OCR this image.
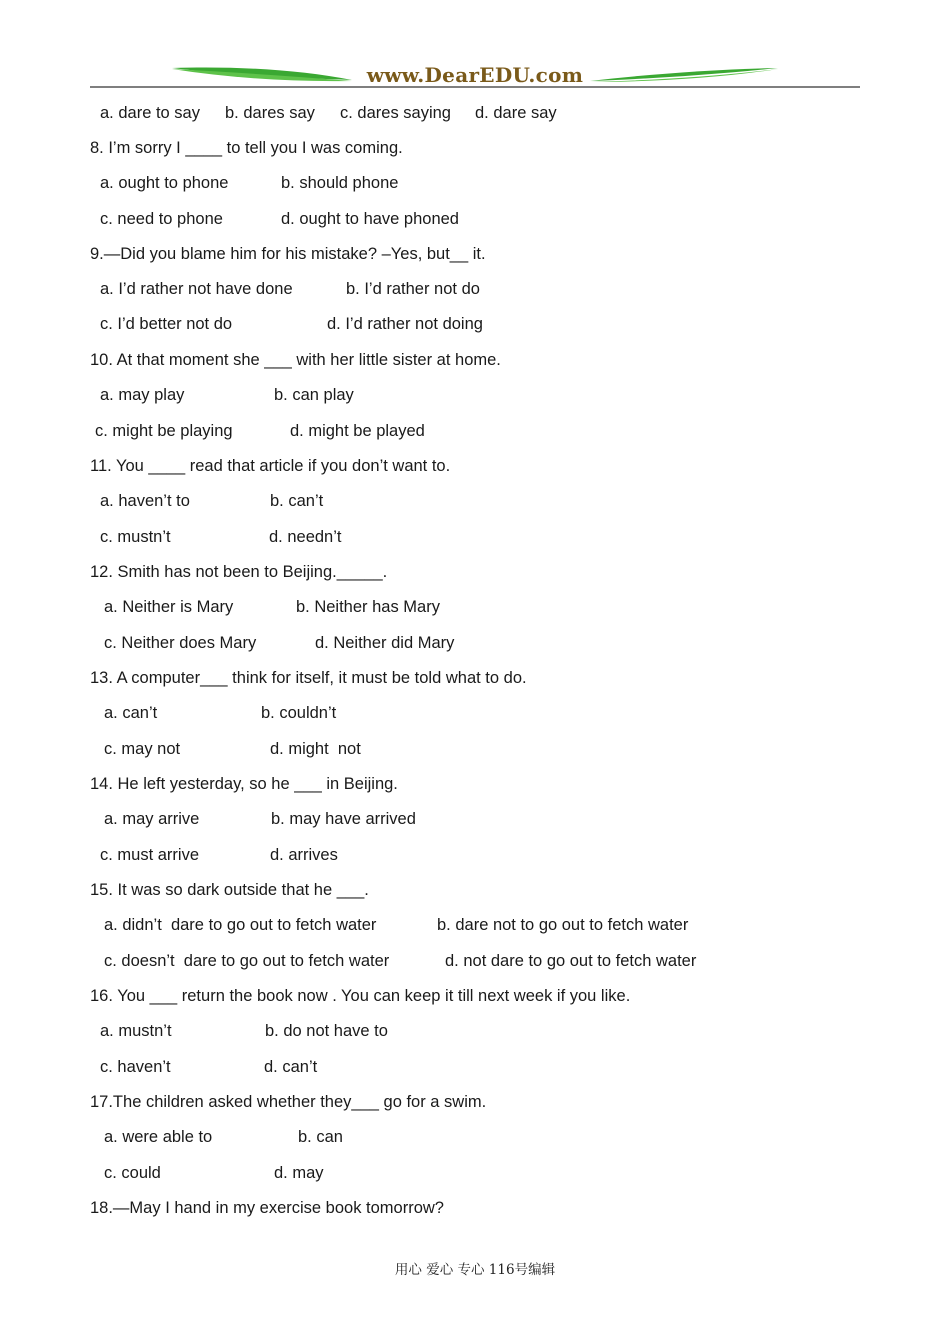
www.DearEDU.com
a. dare to say b. dares say c. dares saying d. dare say
8. I’m sorry I ____ to tell you I was coming.
a. ought to phone	b. should phone
c. need to phone	d. ought to have phoned
9.—Did you blame him for his mistake? –Yes, but__ it.
a. I’d rather not have done	b. I’d rather not do
c. I’d better not do	d. I’d rather not doing
10. At that moment she ___ with her little sister at home.
a. may play	b. can play
c. might be playing	d. might be played
11. You ____ read that article if you don’t want to.
a. haven’t to	b. can’t
c. mustn’t	d. needn’t
12. Smith has not been to Beijing._____.
a. Neither is Mary	b. Neither has Mary
c. Neither does Mary	d. Neither did Mary
13. A computer___ think for itself, it must be told what to do.
a. can’t	b. couldn’t
c. may not	d. might  not
14. He left yesterday, so he ___ in Beijing.
a. may arrive	b. may have arrived
c. must arrive	d. arrives
15. It was so dark outside that he ___.
a. didn’t  dare to go out to fetch water	b. dare not to go out to fetch water
c. doesn’t  dare to go out to fetch water	d. not dare to go out to fetch water
16. You ___ return the book now . You can keep it till next week if you like.
a. mustn’t	b. do not have to
c. haven’t	d. can’t
17.The children asked whether they___ go for a swim.
a. were able to	b. can
c. could	d. may
18.—May I hand in my exercise book tomorrow?
用心 爱心 专心 116号编辑
